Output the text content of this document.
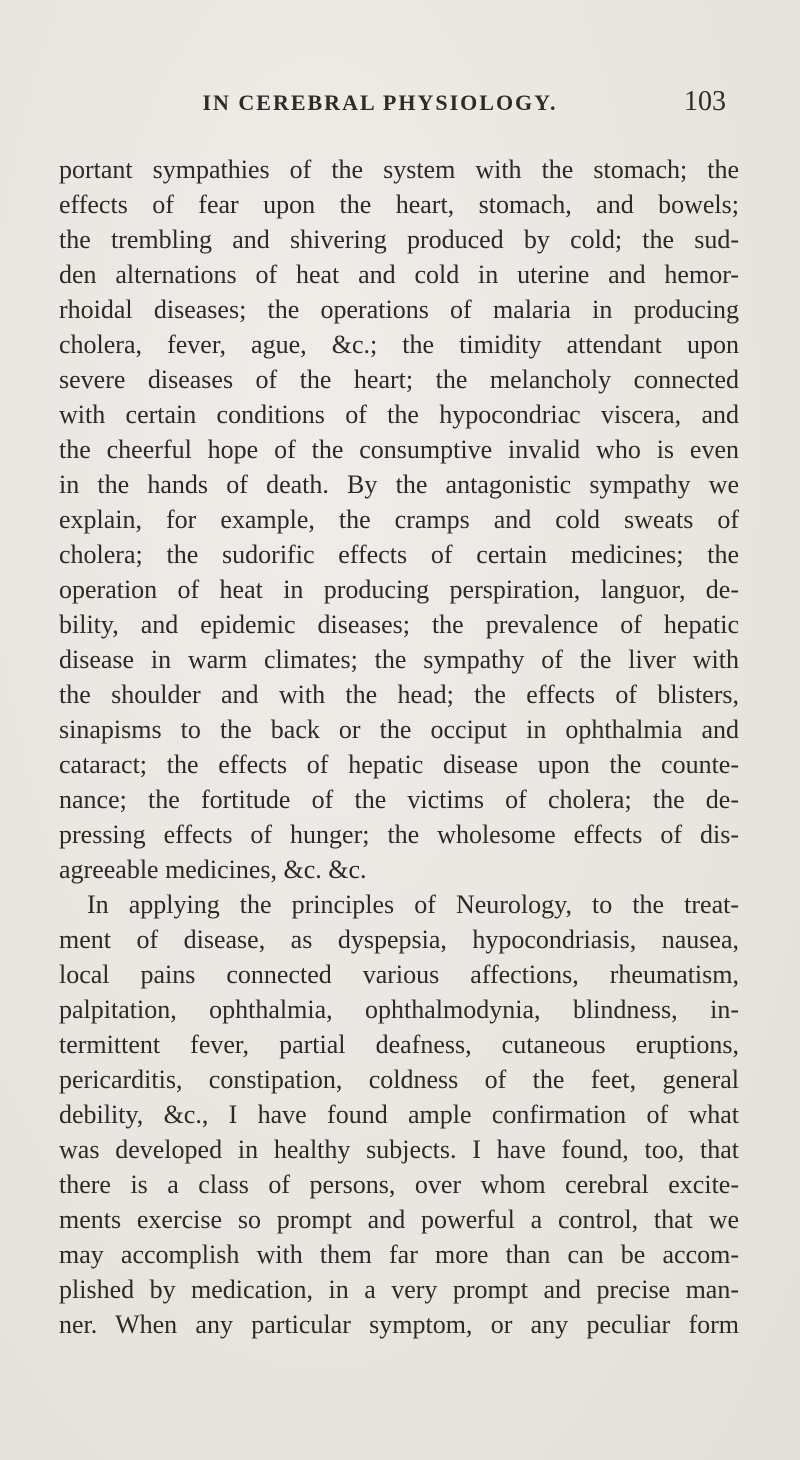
IN CEREBRAL PHYSIOLOGY.	103
portant sympathies of the system with the stomach; the
effects of fear upon the heart, stomach, and bowels;
the trembling and shivering produced by cold; the sud-
den alternations of heat and cold in uterine and hemor-
rhoidal diseases; the operations of malaria in producing
cholera, fever, ague, &c.; the timidity attendant upon
severe diseases of the heart; the melancholy connected
with certain conditions of the hypocondriac viscera, and
the cheerful hope of the consumptive invalid who is even
in the hands of death. By the antagonistic sympathy we
explain, for example, the cramps and cold sweats of
cholera; the sudorific effects of certain medicines; the
operation of heat in producing perspiration, languor, de-
bility, and epidemic diseases; the prevalence of hepatic
disease in warm climates; the sympathy of the liver with
the shoulder and with the head; the effects of blisters,
sinapisms to the back or the occiput in ophthalmia and
cataract; the effects of hepatic disease upon the counte-
nance; the fortitude of the victims of cholera; the de-
pressing effects of hunger; the wholesome effects of dis-
agreeable medicines, &c. &c.
In applying the principles of Neurology, to the treat-
ment of disease, as dyspepsia, hypocondriasis, nausea,
local pains connected various affections, rheumatism,
palpitation, ophthalmia, ophthalmodynia, blindness, in-
termittent fever, partial deafness, cutaneous eruptions,
pericarditis, constipation, coldness of the feet, general
debility, &c., I have found ample confirmation of what
was developed in healthy subjects. I have found, too, that
there is a class of persons, over whom cerebral excite-
ments exercise so prompt and powerful a control, that we
may accomplish with them far more than can be accom-
plished by medication, in a very prompt and precise man-
ner. When any particular symptom, or any peculiar form
